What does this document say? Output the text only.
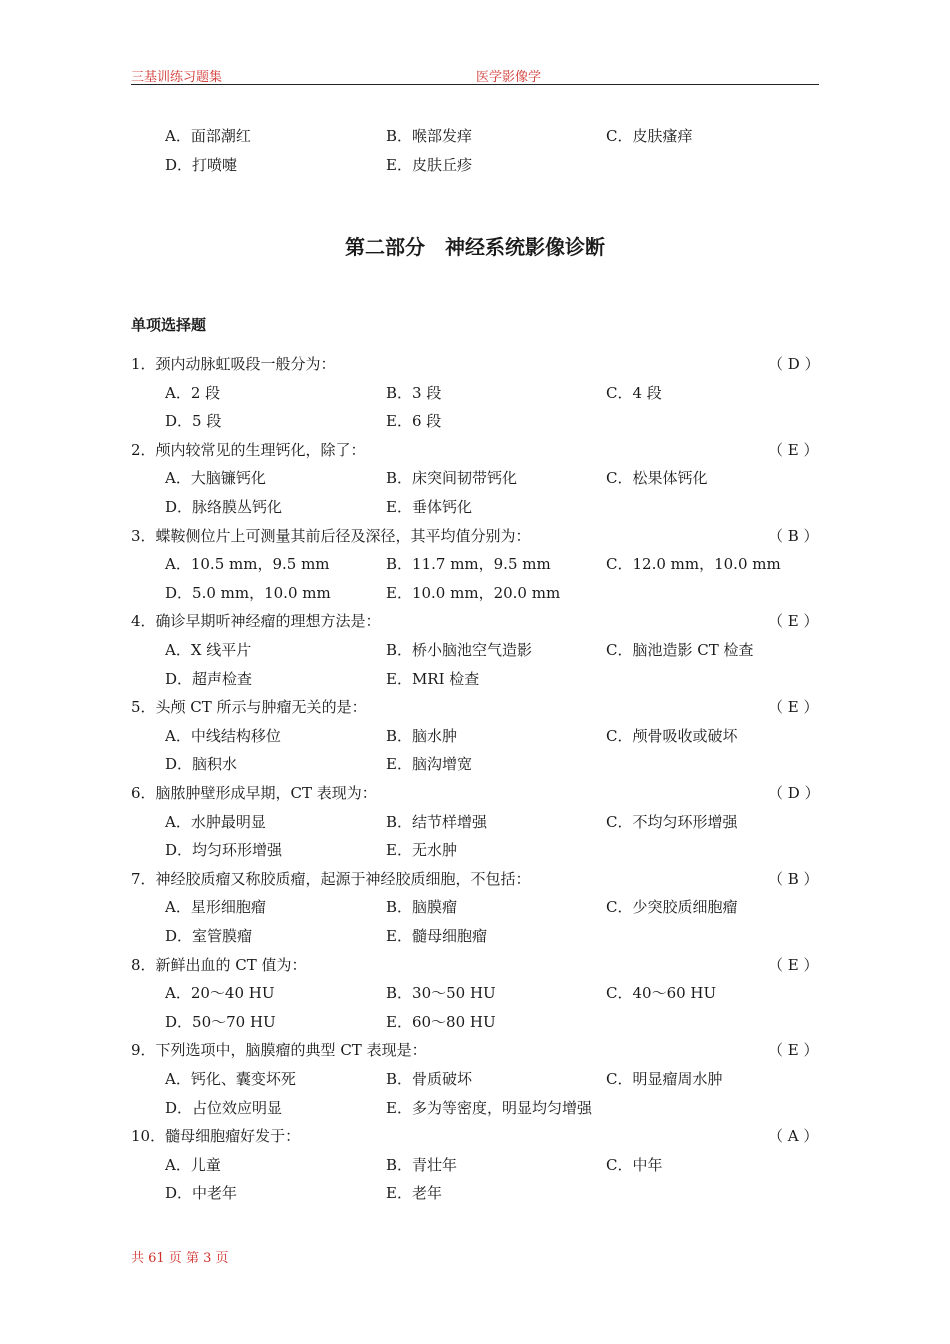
三基训练习题集	医学影像学
A．面部潮红	B．喉部发痒	C．皮肤瘙痒
D．打喷嚏	E．皮肤丘疹
第二部分　神经系统影像诊断
单项选择题
1．颈内动脉虹吸段一般分为：	（ D ）
A．2 段	B．3 段	C．4 段
D．5 段	E．6 段
2．颅内较常见的生理钙化，除了：	（ E ）
A．大脑镰钙化	B．床突间韧带钙化	C．松果体钙化
D．脉络膜丛钙化	E．垂体钙化
3．蝶鞍侧位片上可测量其前后径及深径，其平均值分别为：	（ B ）
A．10.5 mm，9.5 mm	B．11.7 mm，9.5 mm	C．12.0 mm，10.0 mm
D．5.0 mm，10.0 mm	E．10.0 mm，20.0 mm
4．确诊早期听神经瘤的理想方法是：	（ E ）
A．X 线平片	B．桥小脑池空气造影	C．脑池造影 CT 检查
D．超声检查	E．MRI 检查
5．头颅 CT 所示与肿瘤无关的是：	（ E ）
A．中线结构移位	B．脑水肿	C．颅骨吸收或破坏
D．脑积水	E．脑沟增宽
6．脑脓肿壁形成早期，CT 表现为：	（ D ）
A．水肿最明显	B．结节样增强	C．不均匀环形增强
D．均匀环形增强	E．无水肿
7．神经胶质瘤又称胶质瘤，起源于神经胶质细胞，不包括：	（ B ）
A．星形细胞瘤	B．脑膜瘤	C．少突胶质细胞瘤
D．室管膜瘤	E．髓母细胞瘤
8．新鲜出血的 CT 值为：	（ E ）
A．20～40 HU	B．30～50 HU	C．40～60 HU
D．50～70 HU	E．60～80 HU
9．下列选项中，脑膜瘤的典型 CT 表现是：	（ E ）
A．钙化、囊变坏死	B．骨质破坏	C．明显瘤周水肿
D．占位效应明显	E．多为等密度，明显均匀增强
10．髓母细胞瘤好发于：	（ A ）
A．儿童	B．青壮年	C．中年
D．中老年	E．老年
共 61 页 第 3 页
